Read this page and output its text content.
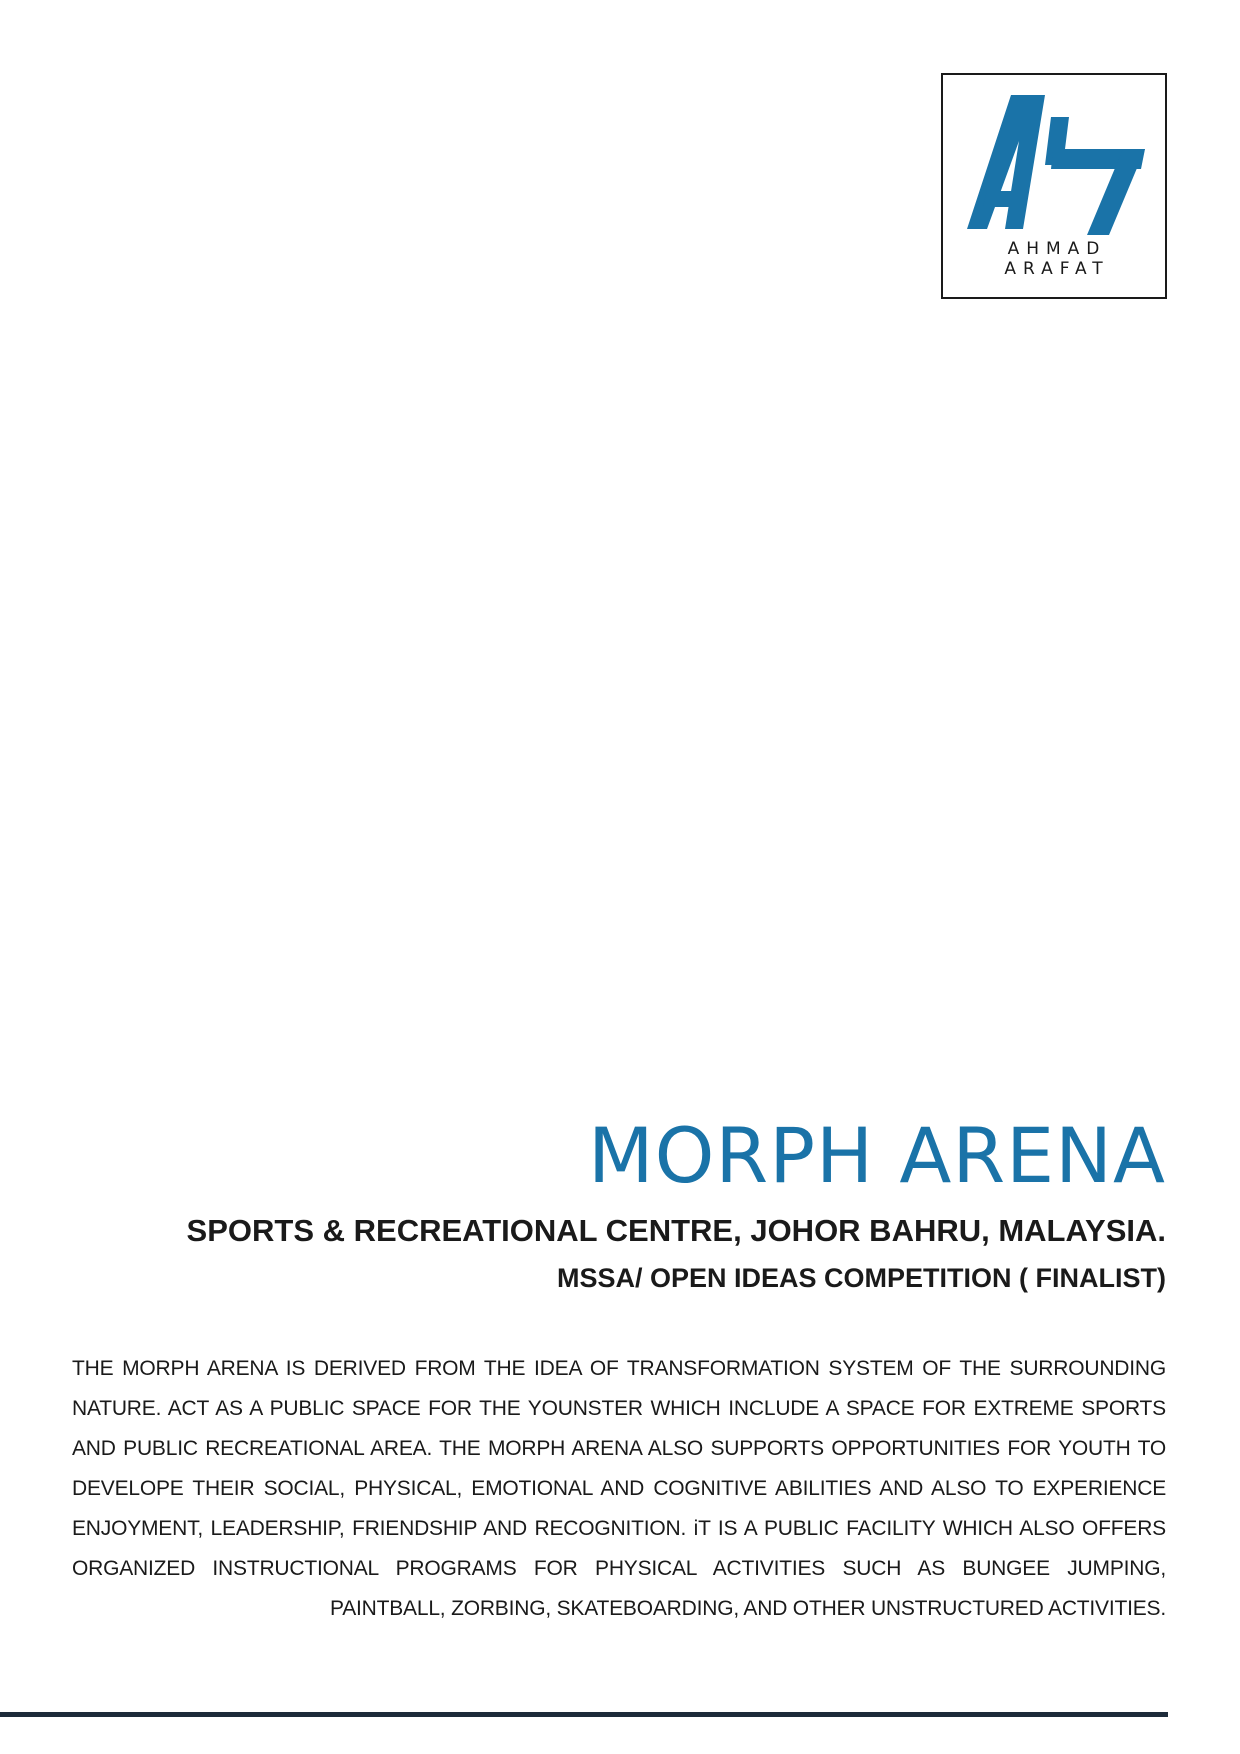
AHMAD ARAFAT
MORPH ARENA
SPORTS & RECREATIONAL CENTRE, JOHOR BAHRU, MALAYSIA.
MSSA/ OPEN IDEAS COMPETITION ( FINALIST)

THE MORPH ARENA IS DERIVED FROM THE IDEA OF TRANSFORMATION SYSTEM OF THE SURROUNDING NATURE. ACT AS A PUBLIC SPACE FOR THE YOUNSTER WHICH INCLUDE A SPACE FOR EXTREME SPORTS AND PUBLIC RECREATIONAL AREA. THE MORPH ARENA ALSO SUPPORTS OPPORTUNITIES FOR YOUTH TO DEVELOPE THEIR SOCIAL, PHYSICAL, EMOTIONAL AND COGNITIVE ABILITIES AND ALSO TO EXPERIENCE ENJOYMENT, LEADERSHIP, FRIENDSHIP AND RECOGNITION. iT IS A PUBLIC FACILITY WHICH ALSO OFFERS ORGANIZED INSTRUCTIONAL PROGRAMS FOR PHYSICAL ACTIVITIES SUCH AS BUNGEE JUMPING, PAINTBALL, ZORBING, SKATEBOARDING, AND OTHER UNSTRUCTURED ACTIVITIES.
